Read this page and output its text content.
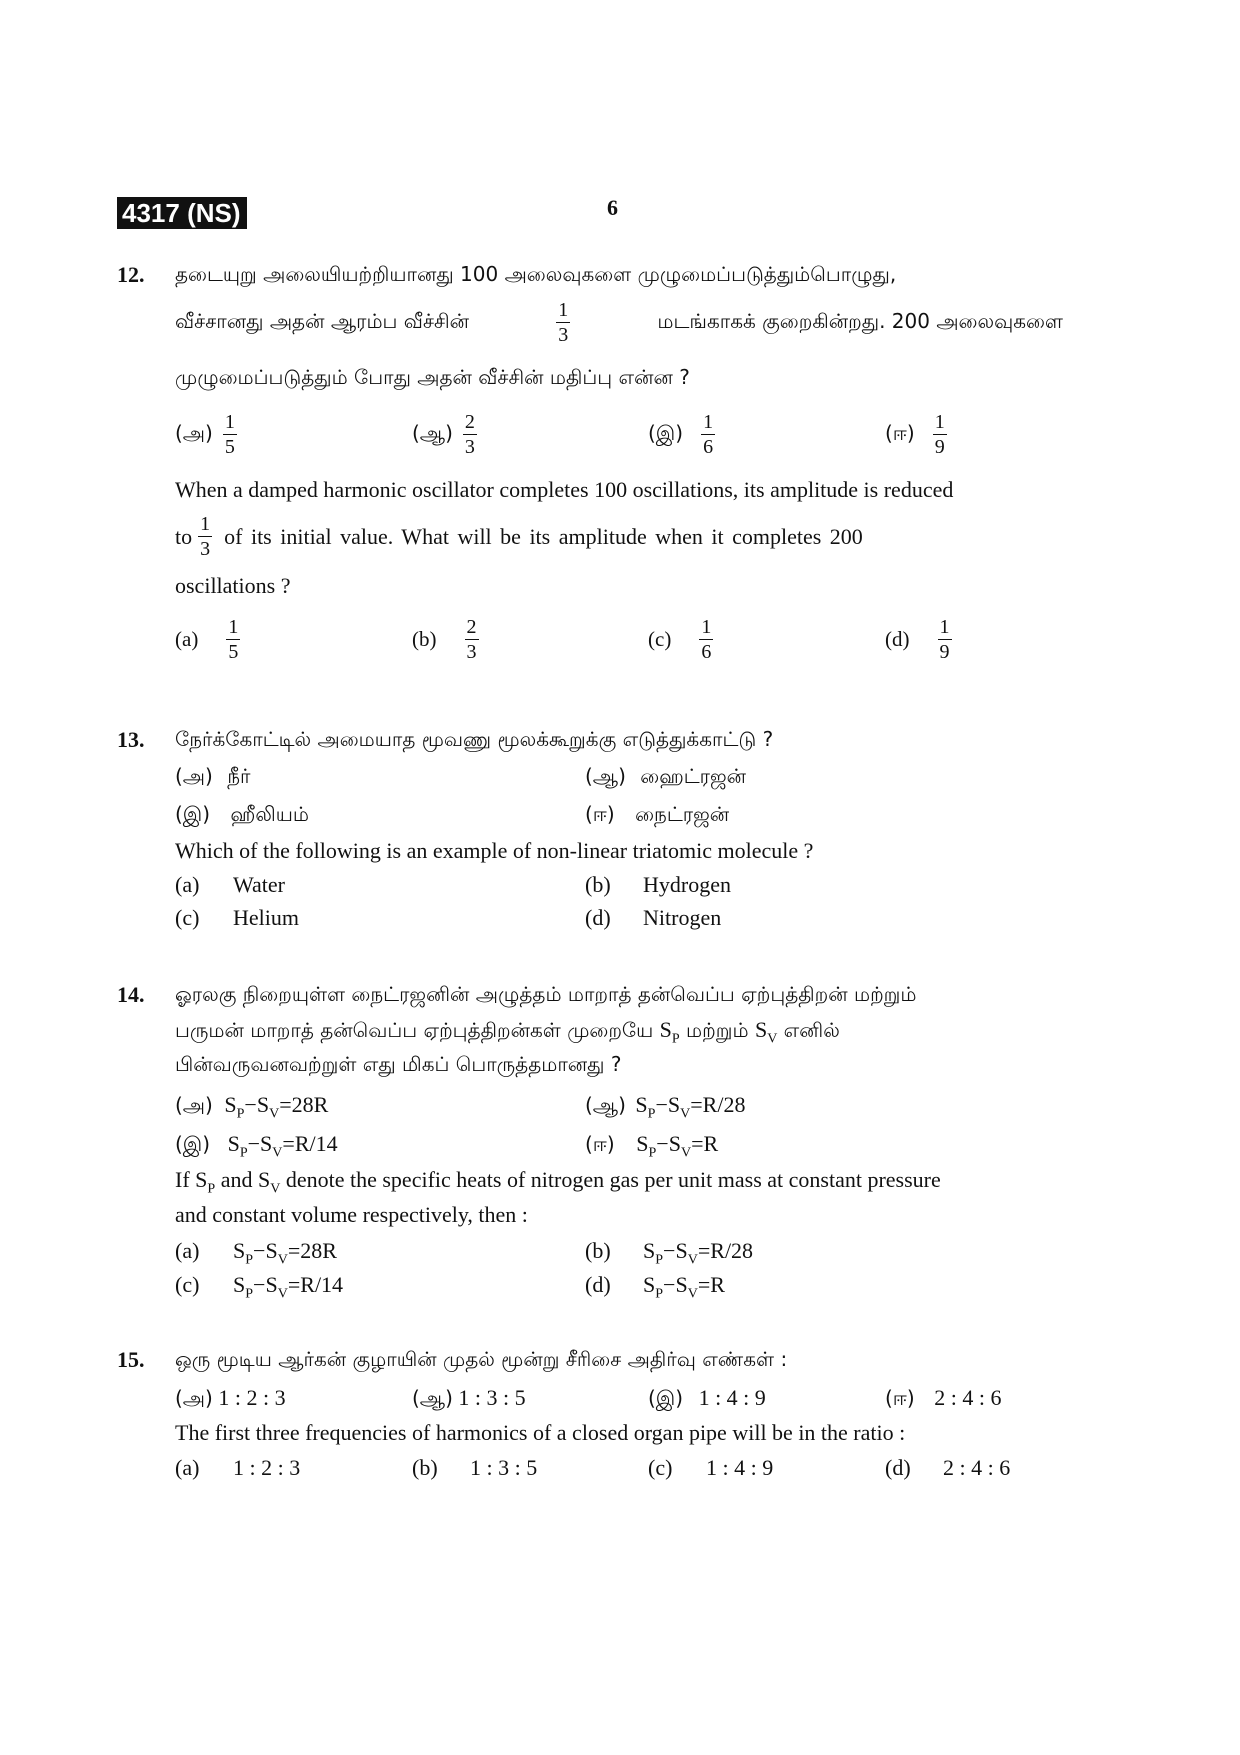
4317 (NS)	6
12. தடையுறு அலையியற்றியானது 100 அலைவுகளை முழுமைப்படுத்தும்பொழுது,
வீச்சானது அதன் ஆரம்ப வீச்சின்	$\frac{1}{3}$	மடங்காகக் குறைகின்றது. 200 அலைவுகளை
முழுமைப்படுத்தும் போது அதன் வீச்சின் மதிப்பு என்ன ?
(அ) $\frac{1}{5}$	(ஆ) $\frac{2}{3}$	(இ) $\frac{1}{6}$	(ஈ) $\frac{1}{9}$
When a damped harmonic oscillator completes 100 oscillations, its amplitude is reduced
to $\frac{1}{3}$ of its initial value. What will be its amplitude when it completes 200
oscillations ?
$(a) \frac{1}{5}$	$(b) \frac{2}{3}$	$(c) \frac{1}{6}$	$(d) \frac{1}{9}$
13. நேர்க்கோட்டில் அமையாத மூவணு மூலக்கூறுக்கு எடுத்துக்காட்டு ?
(அ) நீர்	(ஆ) ஹைட்ரஜன்
(இ) ஹீலியம்	(ஈ) நைட்ரஜன்
Which of the following is an example of non-linear triatomic molecule ?
(a) Water	(b) Hydrogen
(c) Helium	(d) Nitrogen
14. ஓரலகு நிறையுள்ள நைட்ரஜனின் அழுத்தம் மாறாத் தன்வெப்ப ஏற்புத்திறன் மற்றும்
பருமன் மாறாத் தன்வெப்ப ஏற்புத்திறன்கள் முறையே $S_P$ மற்றும் $S_V$ எனில்
பின்வருவனவற்றுள் எது மிகப் பொருத்தமானது ?
(அ) $S_P-S_V=28R$	(ஆ) $S_P-S_V=R/28$
(இ) $S_P-S_V=R/14$	(ஈ) $S_P-S_V=R$
If $S_P$ and $S_V$ denote the specific heats of nitrogen gas per unit mass at constant pressure
and constant volume respectively, then :
(a) $S_P-S_V=28R$	(b) $S_P-S_V=R/28$
(c) $S_P-S_V=R/14$	(d) $S_P-S_V=R$
15. ஒரு மூடிய ஆர்கன் குழாயின் முதல் மூன்று சீரிசை அதிர்வு எண்கள் :
(அ) 1 : 2 : 3	(ஆ) 1 : 3 : 5	(இ) 1 : 4 : 9	(ஈ) 2 : 4 : 6
The first three frequencies of harmonics of a closed organ pipe will be in the ratio :
(a) 1 : 2 : 3	(b) 1 : 3 : 5	(c) 1 : 4 : 9	(d) 2 : 4 : 6
